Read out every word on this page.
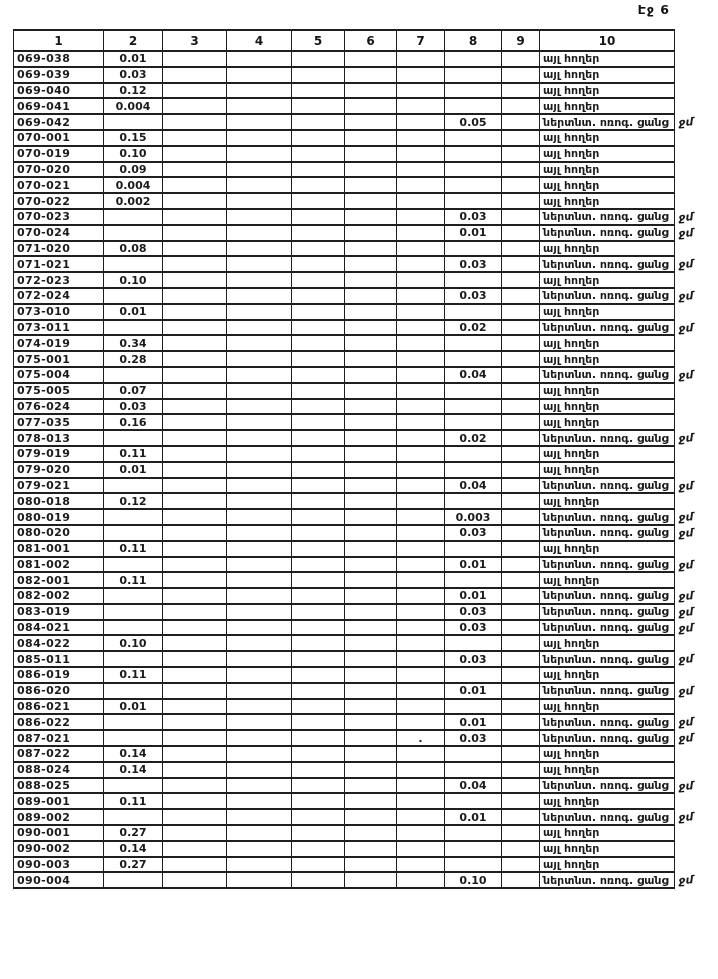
Էջ 6
1	2	3	4	5	6	7	8	9	10	
069-038	0.01								այլ հողեր	
069-039	0.03								այլ հողեր	
069-040	0.12								այլ հողեր	
069-041	0.004								այլ հողեր	
069-042							0.05		ներտնտ. ոռոգ. ցանց	ջմ
070-001	0.15								այլ հողեր	
070-019	0.10								այլ հողեր	
070-020	0.09								այլ հողեր	
070-021	0.004								այլ հողեր	
070-022	0.002								այլ հողեր	
070-023							0.03		ներտնտ. ոռոգ. ցանց	ջմ
070-024							0.01		ներտնտ. ոռոգ. ցանց	ջմ
071-020	0.08								այլ հողեր	
071-021							0.03		ներտնտ. ոռոգ. ցանց	ջմ
072-023	0.10								այլ հողեր	
072-024							0.03		ներտնտ. ոռոգ. ցանց	ջմ
073-010	0.01								այլ հողեր	
073-011							0.02		ներտնտ. ոռոգ. ցանց	ջմ
074-019	0.34								այլ հողեր	
075-001	0.28								այլ հողեր	
075-004							0.04		ներտնտ. ոռոգ. ցանց	ջմ
075-005	0.07								այլ հողեր	
076-024	0.03								այլ հողեր	
077-035	0.16								այլ հողեր	
078-013							0.02		ներտնտ. ոռոգ. ցանց	ջմ
079-019	0.11								այլ հողեր	
079-020	0.01								այլ հողեր	
079-021							0.04		ներտնտ. ոռոգ. ցանց	ջմ
080-018	0.12								այլ հողեր	
080-019							0.003		ներտնտ. ոռոգ. ցանց	ջմ
080-020							0.03		ներտնտ. ոռոգ. ցանց	ջմ
081-001	0.11								այլ հողեր	
081-002							0.01		ներտնտ. ոռոգ. ցանց	ջմ
082-001	0.11								այլ հողեր	
082-002							0.01		ներտնտ. ոռոգ. ցանց	ջմ
083-019							0.03		ներտնտ. ոռոգ. ցանց	ջմ
084-021							0.03		ներտնտ. ոռոգ. ցանց	ջմ
084-022	0.10								այլ հողեր	
085-011							0.03		ներտնտ. ոռոգ. ցանց	ջմ
086-019	0.11								այլ հողեր	
086-020							0.01		ներտնտ. ոռոգ. ցանց	ջմ
086-021	0.01								այլ հողեր	
086-022							0.01		ներտնտ. ոռոգ. ցանց	ջմ
087-021						.	0.03		ներտնտ. ոռոգ. ցանց	ջմ
087-022	0.14								այլ հողեր	
088-024	0.14								այլ հողեր	
088-025							0.04		ներտնտ. ոռոգ. ցանց	ջմ
089-001	0.11								այլ հողեր	
089-002							0.01		ներտնտ. ոռոգ. ցանց	ջմ
090-001	0.27								այլ հողեր	
090-002	0.14								այլ հողեր	
090-003	0.27								այլ հողեր	
090-004							0.10		ներտնտ. ոռոգ. ցանց	ջմ
